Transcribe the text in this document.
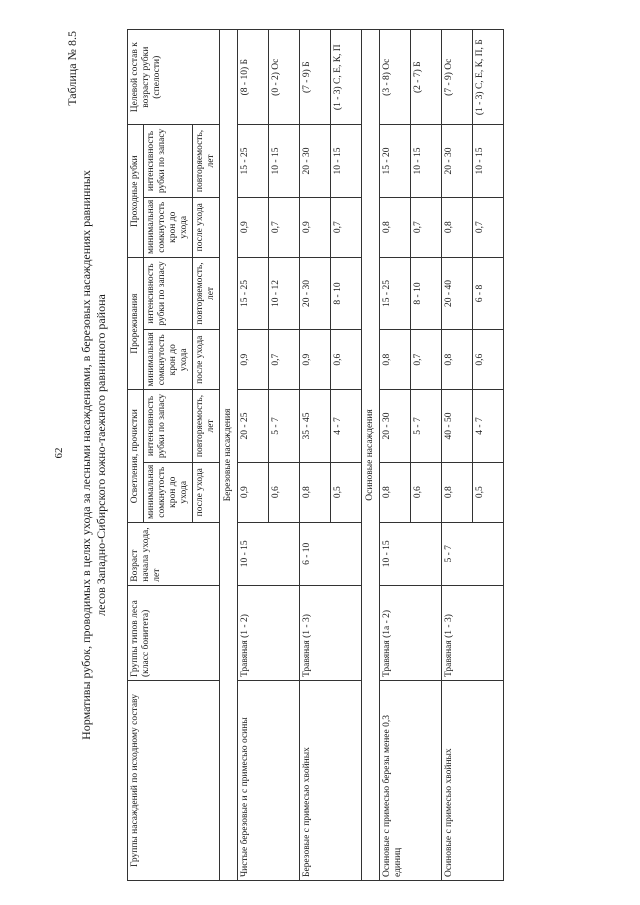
62
Таблица № 8.5
Нормативы рубок, проводимых в целях ухода за лесными насаждениями, в березовых насаждениях равнинных лесов Западно-Сибирского южно-таежного равнинного района
Группы насаждений по исходному составу	Группы типов леса (класс бонитета)	Возраст начала ухода, лет	Осветления, прочистки		Прореживания		Проходные рубки		Целевой состав к возрасту рубки (спелости)
			минимальная сомкнутость крон до ухода	интенсивность рубки по запасу	минимальная сомкнутость крон до ухода	интенсивность рубки по запасу	минимальная сомкнутость крон до ухода	интенсивность рубки по запасу	
			после ухода	повторяемость, лет	после ухода	повторяемость, лет	после ухода	повторяемость, лет	
Березовые насаждения									
Чистые березовые и с примесью осины	Травяная (1 - 2)	10 - 15	0,9	20 - 25	0,9	15 - 25	0,9	15 - 25	(8 - 10) Б
			0,6	5 - 7	0,7	10 - 12	0,7	10 - 15	(0 - 2) Ос
Березовые с примесью хвойных	Травяная (1 - 3)	6 - 10	0,8	35 - 45	0,9	20 - 30	0,9	20 - 30	(7 - 9) Б
			0,5	4 - 7	0,6	8 - 10	0,7	10 - 15	(1 - 3) С, Е, К, П
Осиновые насаждения									
Осиновые с примесью березы менее 0,3 единиц	Травяная (1а - 2)	10 - 15	0,8	20 - 30	0,8	15 - 25	0,8	15 - 20	(3 - 8) Ос
			0,6	5 - 7	0,7	8 - 10	0,7	10 - 15	(2 - 7) Б
Осиновые с примесью хвойных	Травяная (1 - 3)	5 - 7	0,8	40 - 50	0,8	20 - 40	0,8	20 - 30	(7 - 9) Ос
			0,5	4 - 7	0,6	6 - 8	0,7	10 - 15	(1 - 3) С, Е, К, П, Б
